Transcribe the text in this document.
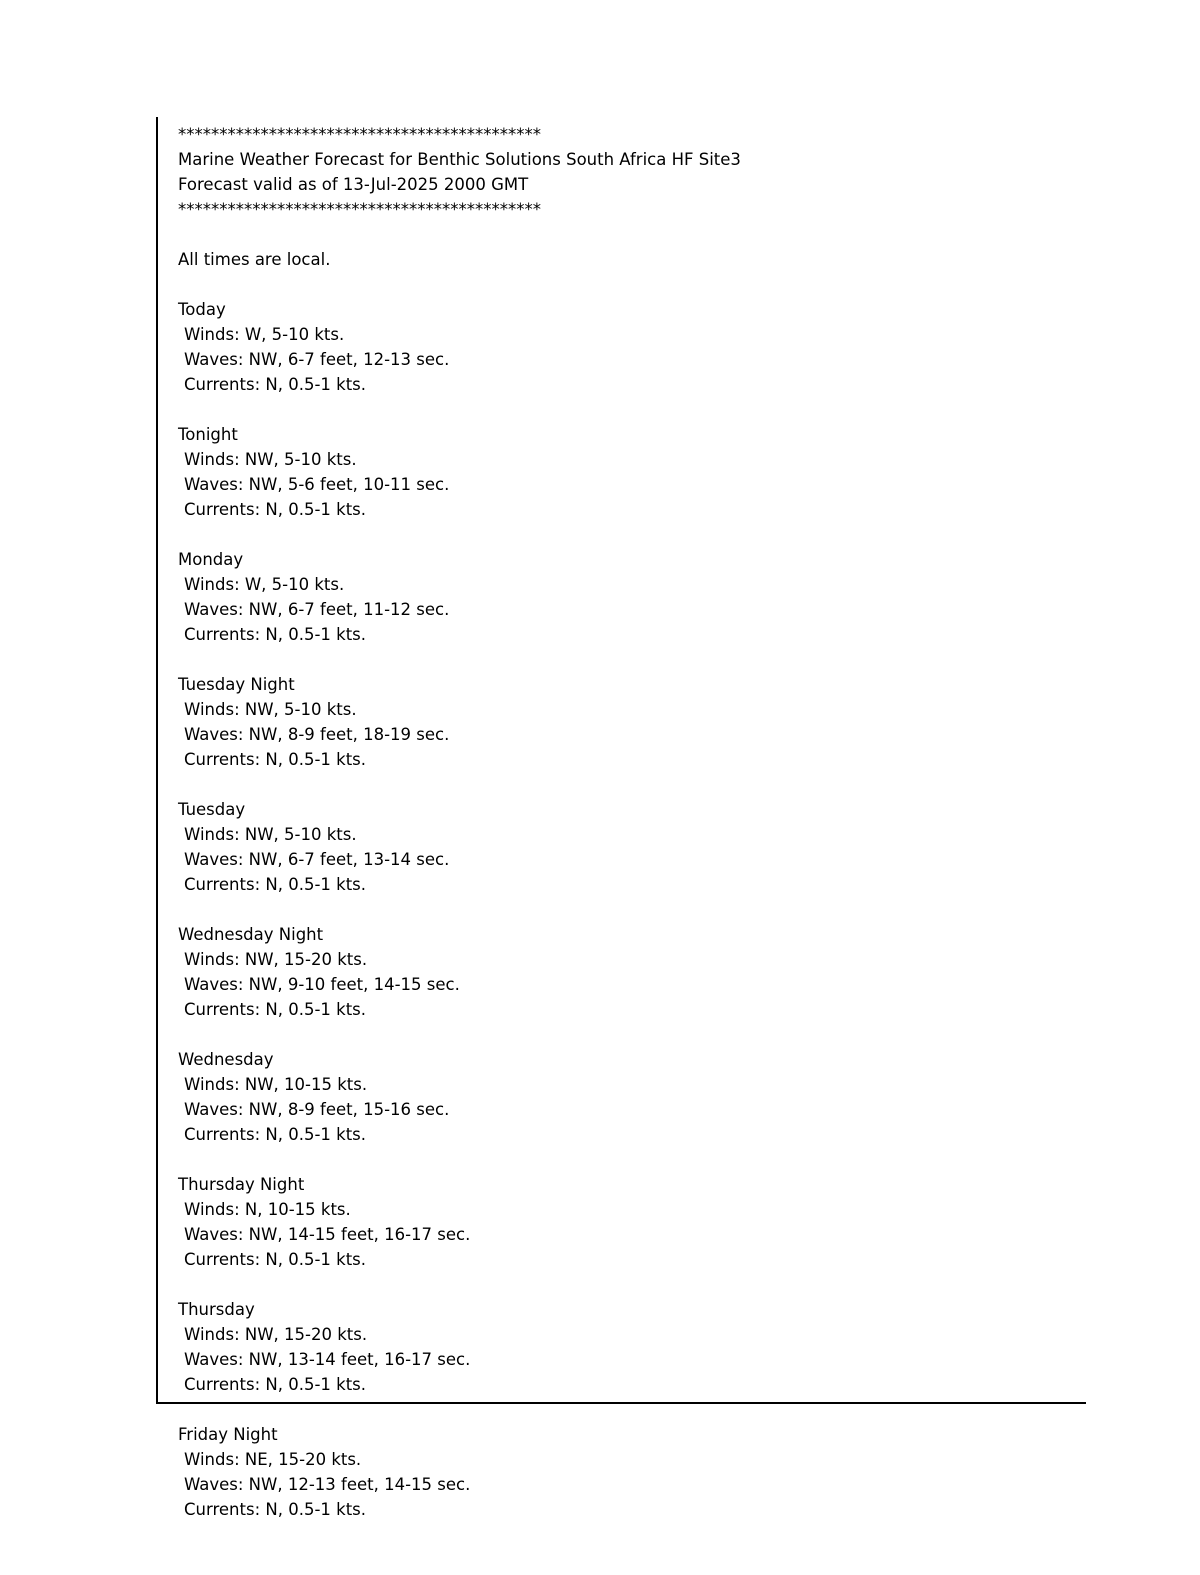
********************************************
Marine Weather Forecast for Benthic Solutions South Africa HF Site3
Forecast valid as of 13-Jul-2025 2000 GMT
********************************************
All times are local.
Today
Winds: W, 5-10 kts.
Waves: NW, 6-7 feet, 12-13 sec.
Currents: N, 0.5-1 kts.
Tonight
Winds: NW, 5-10 kts.
Waves: NW, 5-6 feet, 10-11 sec.
Currents: N, 0.5-1 kts.
Monday
Winds: W, 5-10 kts.
Waves: NW, 6-7 feet, 11-12 sec.
Currents: N, 0.5-1 kts.
Tuesday Night
Winds: NW, 5-10 kts.
Waves: NW, 8-9 feet, 18-19 sec.
Currents: N, 0.5-1 kts.
Tuesday
Winds: NW, 5-10 kts.
Waves: NW, 6-7 feet, 13-14 sec.
Currents: N, 0.5-1 kts.
Wednesday Night
Winds: NW, 15-20 kts.
Waves: NW, 9-10 feet, 14-15 sec.
Currents: N, 0.5-1 kts.
Wednesday
Winds: NW, 10-15 kts.
Waves: NW, 8-9 feet, 15-16 sec.
Currents: N, 0.5-1 kts.
Thursday Night
Winds: N, 10-15 kts.
Waves: NW, 14-15 feet, 16-17 sec.
Currents: N, 0.5-1 kts.
Thursday
Winds: NW, 15-20 kts.
Waves: NW, 13-14 feet, 16-17 sec.
Currents: N, 0.5-1 kts.
Friday Night
Winds: NE, 15-20 kts.
Waves: NW, 12-13 feet, 14-15 sec.
Currents: N, 0.5-1 kts.
